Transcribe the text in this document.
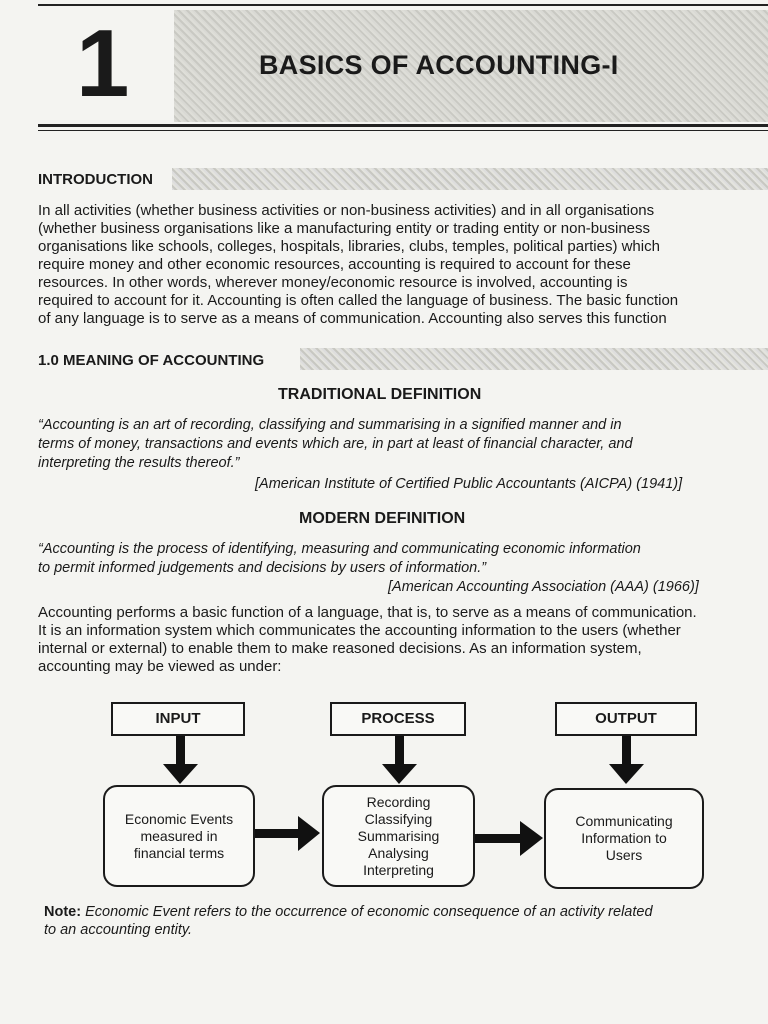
1	BASICS OF ACCOUNTING-I
INTRODUCTION

In all activities (whether business activities or non-business activities) and in all organisations

(whether business organisations like a manufacturing entity or trading entity or non-business

organisations like schools, colleges, hospitals, libraries, clubs, temples, political parties) which

require money and other economic resources, accounting is required to account for these

resources. In other words, wherever money/economic resource is involved, accounting is

required to account for it. Accounting is often called the language of business. The basic function

of any language is to serve as a means of communication. Accounting also serves this function

1.0 MEANING OF ACCOUNTING
TRADITIONAL DEFINITION
“Accounting is an art of recording, classifying and summarising in a signified manner and in
terms of money, transactions and events which are, in part at least of financial character, and
interpreting the results thereof.”
[American Institute of Certified Public Accountants (AICPA) (1941)]
MODERN DEFINITION
“Accounting is the process of identifying, measuring and communicating economic information
to permit informed judgements and decisions by users of information.”
[American Accounting Association (AAA) (1966)]

Accounting performs a basic function of a language, that is, to serve as a means of communication.

It is an information system which communicates the accounting information to the users (whether

internal or external) to enable them to make reasoned decisions. As an information system,

accounting may be viewed as under:

INPUT	PROCESS	OUTPUT
Economic Events
measured in
financial terms
Recording
Classifying
Summarising
Analysing
Interpreting
Communicating
Information to
Users
Note: Economic Event refers to the occurrence of economic consequence of an activity related
to an accounting entity.
